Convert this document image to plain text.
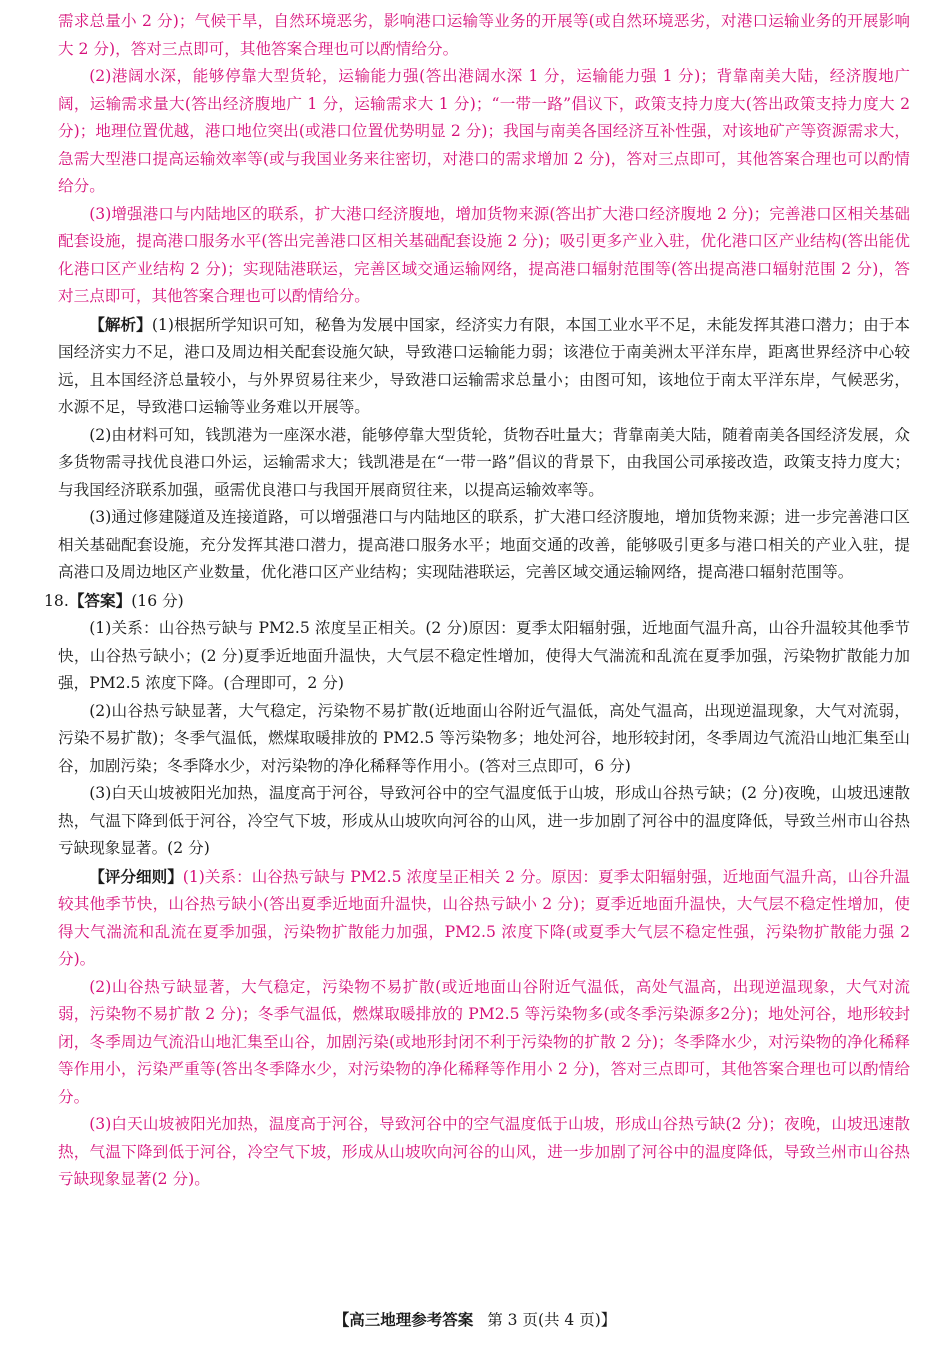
需求总量小 2 分)；气候干旱，自然环境恶劣，影响港口运输等业务的开展等(或自然环境恶劣，对港口运输业务的开展影响大 2 分)，答对三点即可，其他答案合理也可以酌情给分。

(2)港阔水深，能够停靠大型货轮，运输能力强(答出港阔水深 1 分，运输能力强 1 分)；背靠南美大陆，经济腹地广阔，运输需求量大(答出经济腹地广 1 分，运输需求大 1 分)；“一带一路”倡议下，政策支持力度大(答出政策支持力度大 2 分)；地理位置优越，港口地位突出(或港口位置优势明显 2 分)；我国与南美各国经济互补性强，对该地矿产等资源需求大，急需大型港口提高运输效率等(或与我国业务来往密切，对港口的需求增加 2 分)，答对三点即可，其他答案合理也可以酌情给分。

(3)增强港口与内陆地区的联系，扩大港口经济腹地，增加货物来源(答出扩大港口经济腹地 2 分)；完善港口区相关基础配套设施，提高港口服务水平(答出完善港口区相关基础配套设施 2 分)；吸引更多产业入驻，优化港口区产业结构(答出能优化港口区产业结构 2 分)；实现陆港联运，完善区域交通运输网络，提高港口辐射范围等(答出提高港口辐射范围 2 分)，答对三点即可，其他答案合理也可以酌情给分。

【解析】(1)根据所学知识可知，秘鲁为发展中国家，经济实力有限，本国工业水平不足，未能发挥其港口潜力；由于本国经济实力不足，港口及周边相关配套设施欠缺，导致港口运输能力弱；该港位于南美洲太平洋东岸，距离世界经济中心较远，且本国经济总量较小，与外界贸易往来少，导致港口运输需求总量小；由图可知，该地位于南太平洋东岸，气候恶劣，水源不足，导致港口运输等业务难以开展等。

(2)由材料可知，钱凯港为一座深水港，能够停靠大型货轮，货物吞吐量大；背靠南美大陆，随着南美各国经济发展，众多货物需寻找优良港口外运，运输需求大；钱凯港是在“一带一路”倡议的背景下，由我国公司承接改造，政策支持力度大；与我国经济联系加强，亟需优良港口与我国开展商贸往来，以提高运输效率等。

(3)通过修建隧道及连接道路，可以增强港口与内陆地区的联系，扩大港口经济腹地，增加货物来源；进一步完善港口区相关基础配套设施，充分发挥其港口潜力，提高港口服务水平；地面交通的改善，能够吸引更多与港口相关的产业入驻，提高港口及周边地区产业数量，优化港口区产业结构；实现陆港联运，完善区域交通运输网络，提高港口辐射范围等。

18.【答案】(16 分)

(1)关系：山谷热亏缺与 PM2.5 浓度呈正相关。(2 分)原因：夏季太阳辐射强，近地面气温升高，山谷升温较其他季节快，山谷热亏缺小；(2 分)夏季近地面升温快，大气层不稳定性增加，使得大气湍流和乱流在夏季加强，污染物扩散能力加强，PM2.5 浓度下降。(合理即可，2 分)

(2)山谷热亏缺显著，大气稳定，污染物不易扩散(近地面山谷附近气温低，高处气温高，出现逆温现象，大气对流弱，污染不易扩散)；冬季气温低，燃煤取暖排放的 PM2.5 等污染物多；地处河谷，地形较封闭，冬季周边气流沿山地汇集至山谷，加剧污染；冬季降水少，对污染物的净化稀释等作用小。(答对三点即可，6 分)

(3)白天山坡被阳光加热，温度高于河谷，导致河谷中的空气温度低于山坡，形成山谷热亏缺；(2 分)夜晚，山坡迅速散热，气温下降到低于河谷，冷空气下坡，形成从山坡吹向河谷的山风，进一步加剧了河谷中的温度降低，导致兰州市山谷热亏缺现象显著。(2 分)

【评分细则】(1)关系：山谷热亏缺与 PM2.5 浓度呈正相关 2 分。原因：夏季太阳辐射强，近地面气温升高，山谷升温较其他季节快，山谷热亏缺小(答出夏季近地面升温快，山谷热亏缺小 2 分)；夏季近地面升温快，大气层不稳定性增加，使得大气湍流和乱流在夏季加强，污染物扩散能力加强，PM2.5 浓度下降(或夏季大气层不稳定性强，污染物扩散能力强 2 分)。

(2)山谷热亏缺显著，大气稳定，污染物不易扩散(或近地面山谷附近气温低，高处气温高，出现逆温现象，大气对流弱，污染物不易扩散 2 分)；冬季气温低，燃煤取暖排放的 PM2.5 等污染物多(或冬季污染源多2分)；地处河谷，地形较封闭，冬季周边气流沿山地汇集至山谷，加剧污染(或地形封闭不利于污染物的扩散 2 分)；冬季降水少，对污染物的净化稀释等作用小，污染严重等(答出冬季降水少，对污染物的净化稀释等作用小 2 分)，答对三点即可，其他答案合理也可以酌情给分。

(3)白天山坡被阳光加热，温度高于河谷，导致河谷中的空气温度低于山坡，形成山谷热亏缺(2 分)；夜晚，山坡迅速散热，气温下降到低于河谷，冷空气下坡，形成从山坡吹向河谷的山风，进一步加剧了河谷中的温度降低，导致兰州市山谷热亏缺现象显著(2 分)。

【高三地理参考答案 第 3 页(共 4 页)】
